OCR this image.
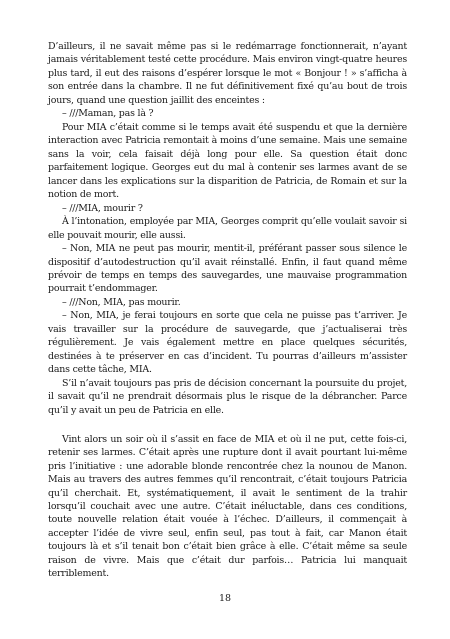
D’ailleurs, il ne savait même pas si le redémarrage fonctionnerait, n’ayant jamais véritablement testé cette procédure. Mais environ vingt-quatre heures plus tard, il eut des raisons d’espérer lorsque le mot « Bonjour ! » s’afficha à son entrée dans la chambre. Il ne fut définitivement fixé qu’au bout de trois jours, quand une question jaillit des enceintes :

– ///Maman, pas là ?

Pour MIA c’était comme si le temps avait été suspendu et que la dernière interaction avec Patricia remontait à moins d’une semaine. Mais une semaine sans la voir, cela faisait déjà long pour elle. Sa question était donc parfaitement logique. Georges eut du mal à contenir ses larmes avant de se lancer dans les explications sur la disparition de Patricia, de Romain et sur la notion de mort.

– ///MIA, mourir ?

À l’intonation, employée par MIA, Georges comprit qu’elle voulait savoir si elle pouvait mourir, elle aussi.

– Non, MIA ne peut pas mourir, mentit-il, préférant passer sous silence le dispositif d’autodestruction qu’il avait réinstallé. Enfin, il faut quand même prévoir de temps en temps des sauvegardes, une mauvaise programmation pourrait t’endommager.

– ///Non, MIA, pas mourir.

– Non, MIA, je ferai toujours en sorte que cela ne puisse pas t’arriver. Je vais travailler sur la procédure de sauvegarde, que j’actualiserai très régulièrement. Je vais également mettre en place quelques sécurités, destinées à te préserver en cas d’incident. Tu pourras d’ailleurs m’assister dans cette tâche, MIA.

S’il n’avait toujours pas pris de décision concernant la poursuite du projet, il savait qu’il ne prendrait désormais plus le risque de la débrancher. Parce qu’il y avait un peu de Patricia en elle.

Vint alors un soir où il s’assit en face de MIA et où il ne put, cette fois-ci, retenir ses larmes. C’était après une rupture dont il avait pourtant lui-même pris l’initiative : une adorable blonde rencontrée chez la nounou de Manon. Mais au travers des autres femmes qu’il rencontrait, c’était toujours Patricia qu’il cherchait. Et, systématiquement, il avait le sentiment de la trahir lorsqu’il couchait avec une autre. C’était inéluctable, dans ces conditions, toute nouvelle relation était vouée à l’échec. D’ailleurs, il commençait à accepter l’idée de vivre seul, enfin seul, pas tout à fait, car Manon était toujours là et s’il tenait bon c’était bien grâce à elle. C’était même sa seule raison de vivre. Mais que c’était dur parfois… Patricia lui manquait terriblement.

18
